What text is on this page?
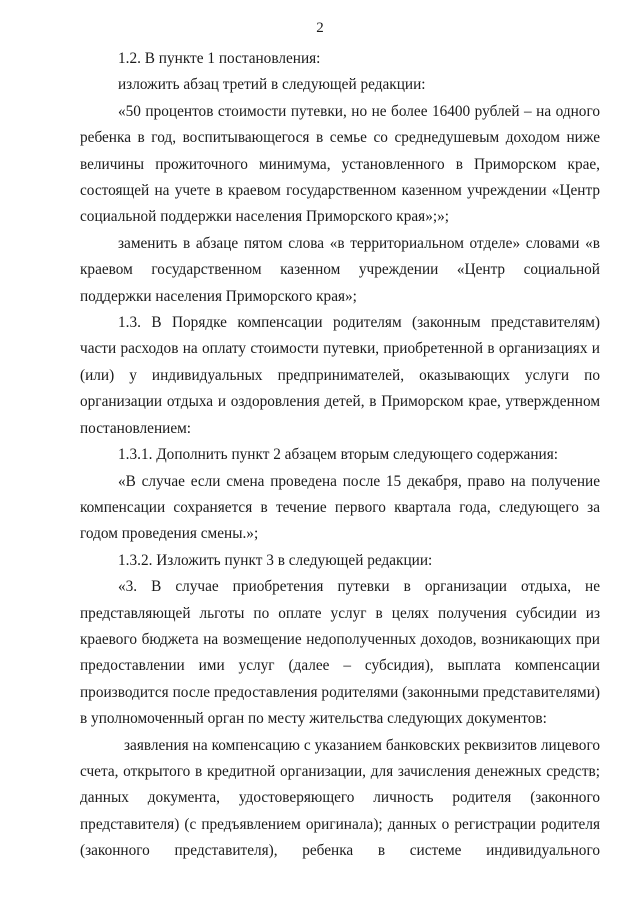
2

1.2. В пункте 1 постановления:

изложить абзац третий в следующей редакции:

«50 процентов стоимости путевки, но не более 16400 рублей – на одного ребенка в год, воспитывающегося в семье со среднедушевым доходом ниже величины прожиточного минимума, установленного в Приморском крае, состоящей на учете в краевом государственном казенном учреждении «Центр социальной поддержки населения Приморского края»;»;

заменить в абзаце пятом слова «в территориальном отделе» словами «в краевом государственном казенном учреждении «Центр социальной поддержки населения Приморского края»;

1.3. В Порядке компенсации родителям (законным представителям) части расходов на оплату стоимости путевки, приобретенной в организациях и (или) у индивидуальных предпринимателей, оказывающих услуги по организации отдыха и оздоровления детей, в Приморском крае, утвержденном постановлением:

1.3.1. Дополнить пункт 2 абзацем вторым следующего содержания:

«В случае если смена проведена после 15 декабря, право на получение компенсации сохраняется в течение первого квартала года, следующего за годом проведения смены.»;

1.3.2. Изложить пункт 3 в следующей редакции:

«3. В случае приобретения путевки в организации отдыха, не представляющей льготы по оплате услуг в целях получения субсидии из краевого бюджета на возмещение недополученных доходов, возникающих при предоставлении ими услуг (далее – субсидия), выплата компенсации производится после предоставления родителями (законными представителями) в уполномоченный орган по месту жительства следующих документов:

заявления на компенсацию с указанием банковских реквизитов лицевого счета, открытого в кредитной организации, для зачисления денежных средств; данных документа, удостоверяющего личность родителя (законного представителя) (с предъявлением оригинала); данных о регистрации родителя (законного представителя), ребенка в системе индивидуального
